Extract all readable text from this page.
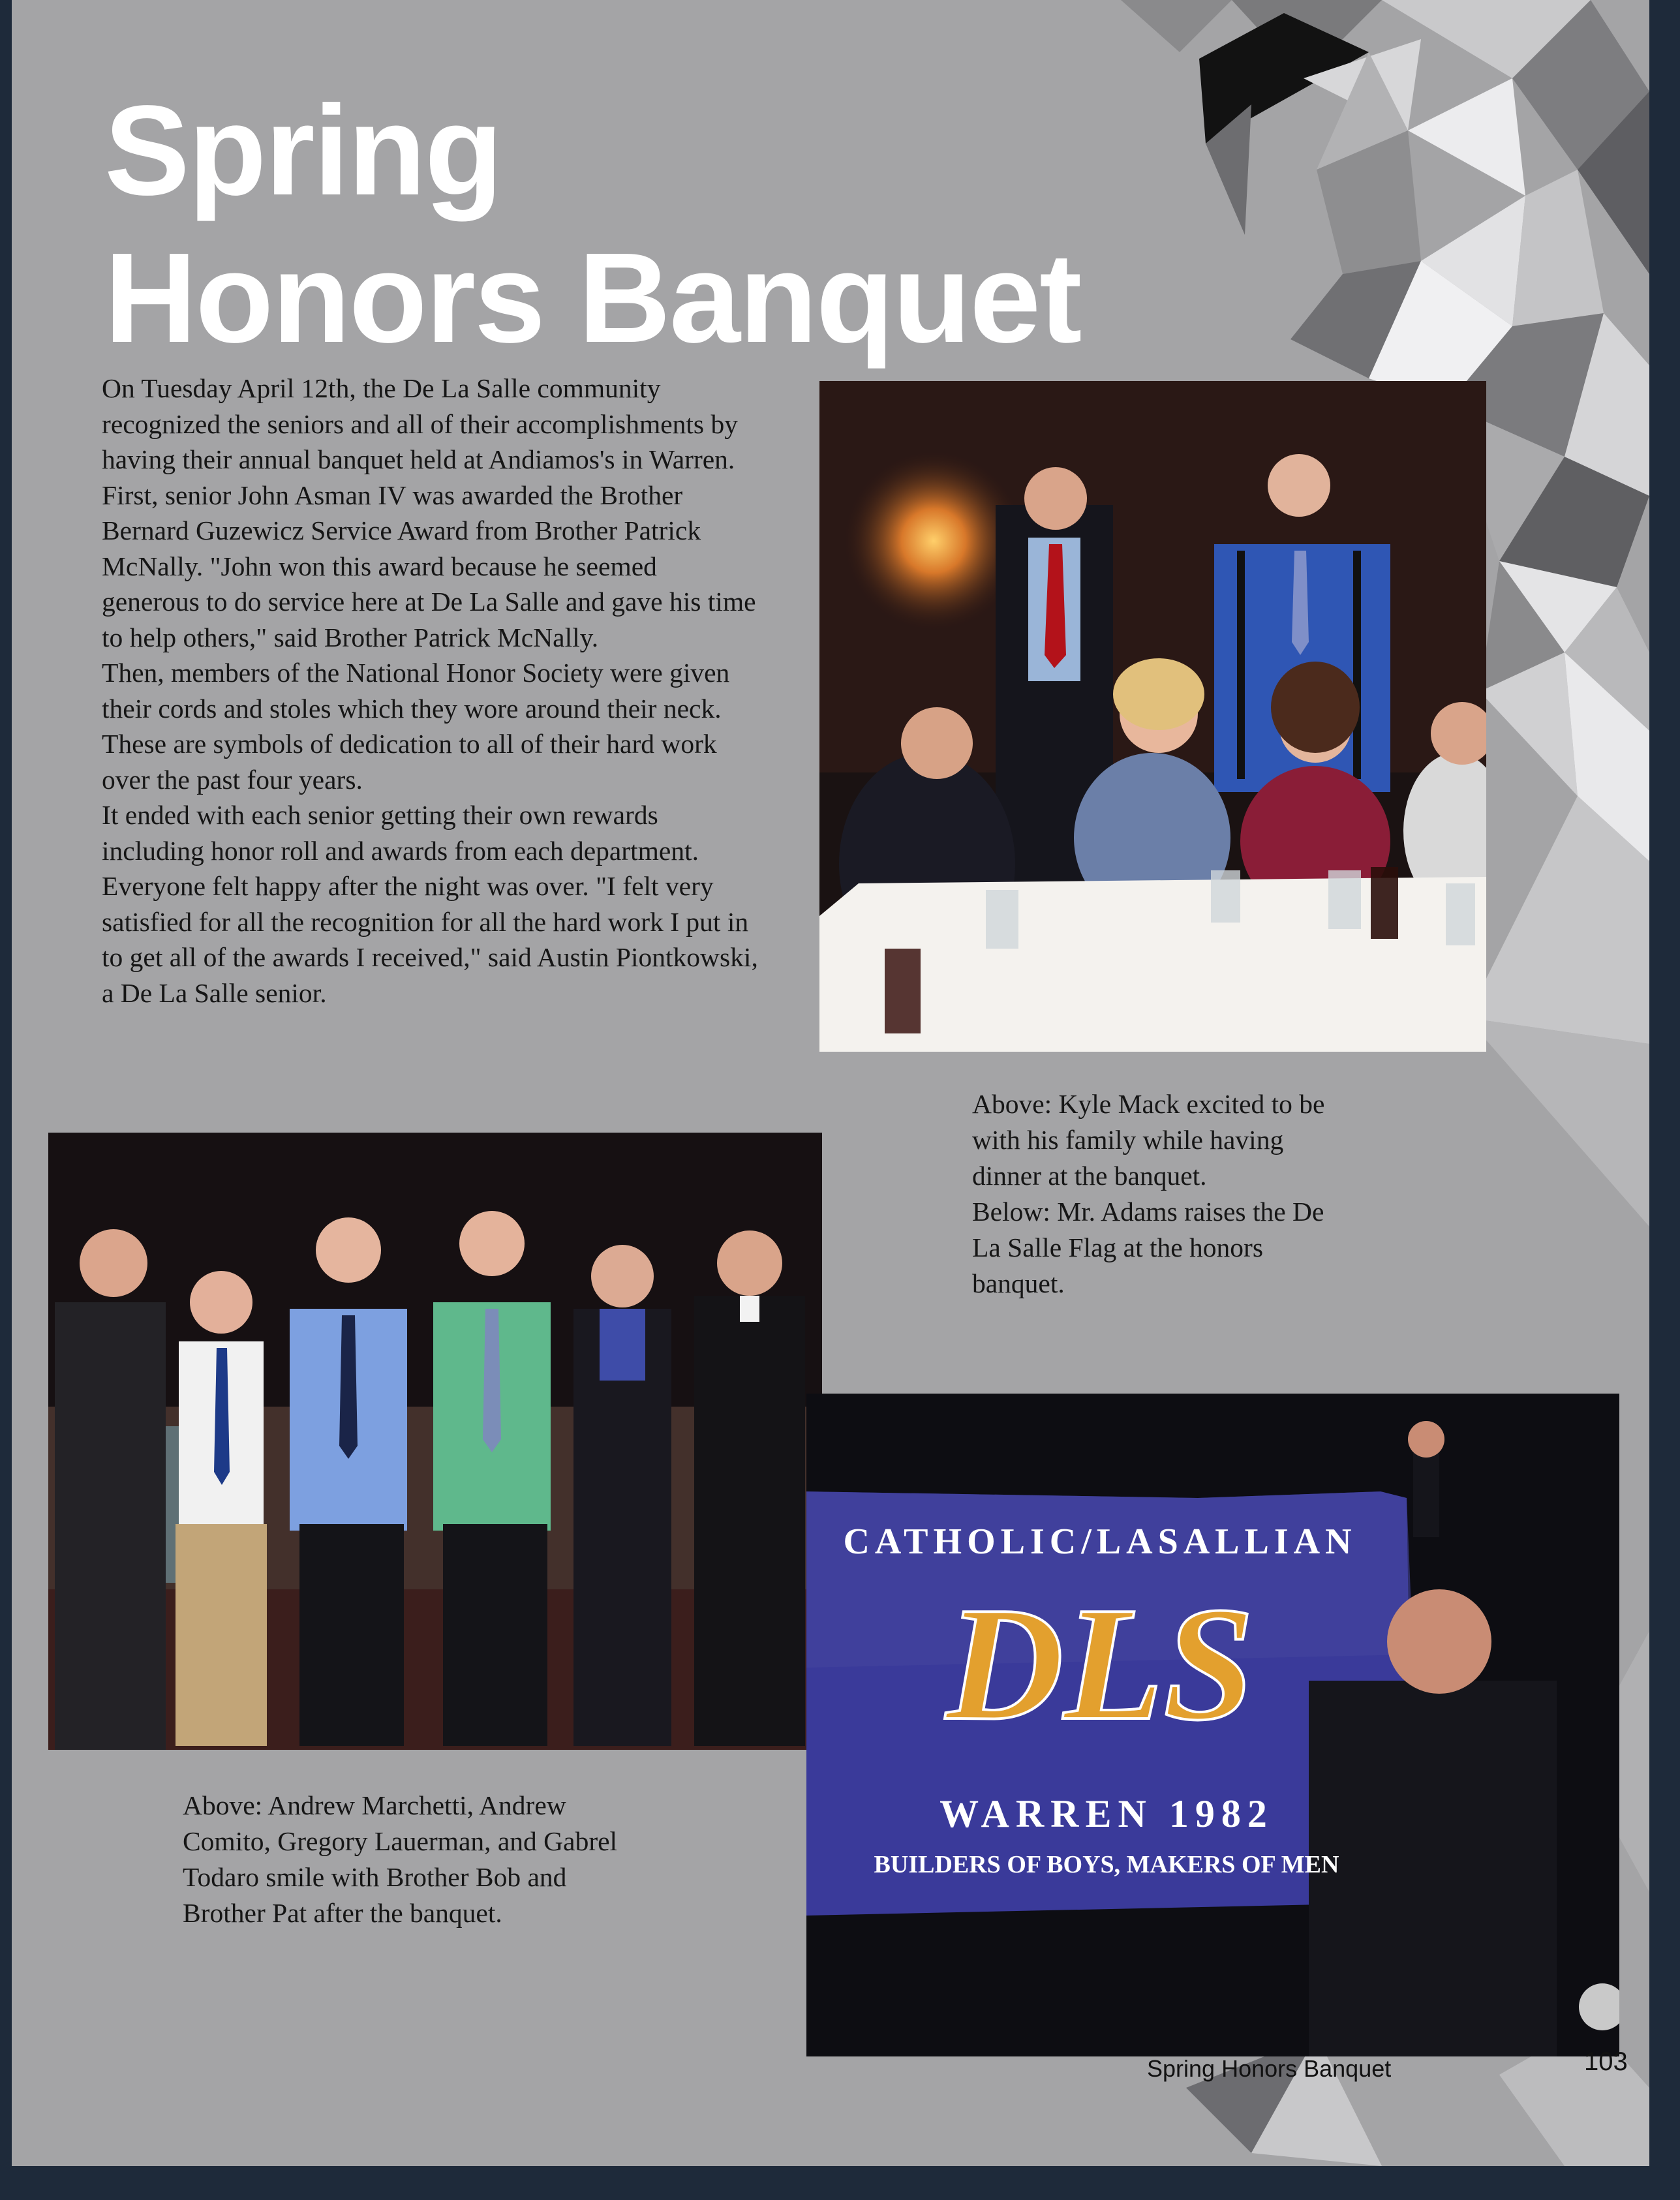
Spring
Honors Banquet

On Tuesday April 12th, the De La Salle community recognized the seniors and all of their accomplishments by having their annual banquet held at Andiamos's in Warren.

First, senior John Asman IV was awarded the Brother Bernard Guzewicz Service Award from Brother Patrick McNally. "John won this award because he seemed generous to do service here at De La Salle and gave his time to help others," said Brother Patrick McNally.

Then, members of the National Honor Society were given their cords and stoles which they wore around their neck. These are symbols of dedication to all of their hard work over the past four years.

It ended with each senior getting their own rewards including honor roll and awards from each department.

Everyone felt happy after the night was over. "I felt very satisfied for all the recognition for all the hard work I put in to get all of the awards I received," said Austin Piontkowski, a De La Salle senior.

Above: Kyle Mack excited to be with his family while having dinner at the banquet.

Below: Mr. Adams raises the De La Salle Flag at the honors banquet.

Above: Andrew Marchetti, Andrew Comito, Gregory Lauerman, and Gabrel Todaro smile with Brother Bob and Brother Pat after the banquet.

CATHOLIC/LASALLIAN
DLS
WARREN 1982
BUILDERS OF BOYS, MAKERS OF MEN
Spring Honors Banquet	103
